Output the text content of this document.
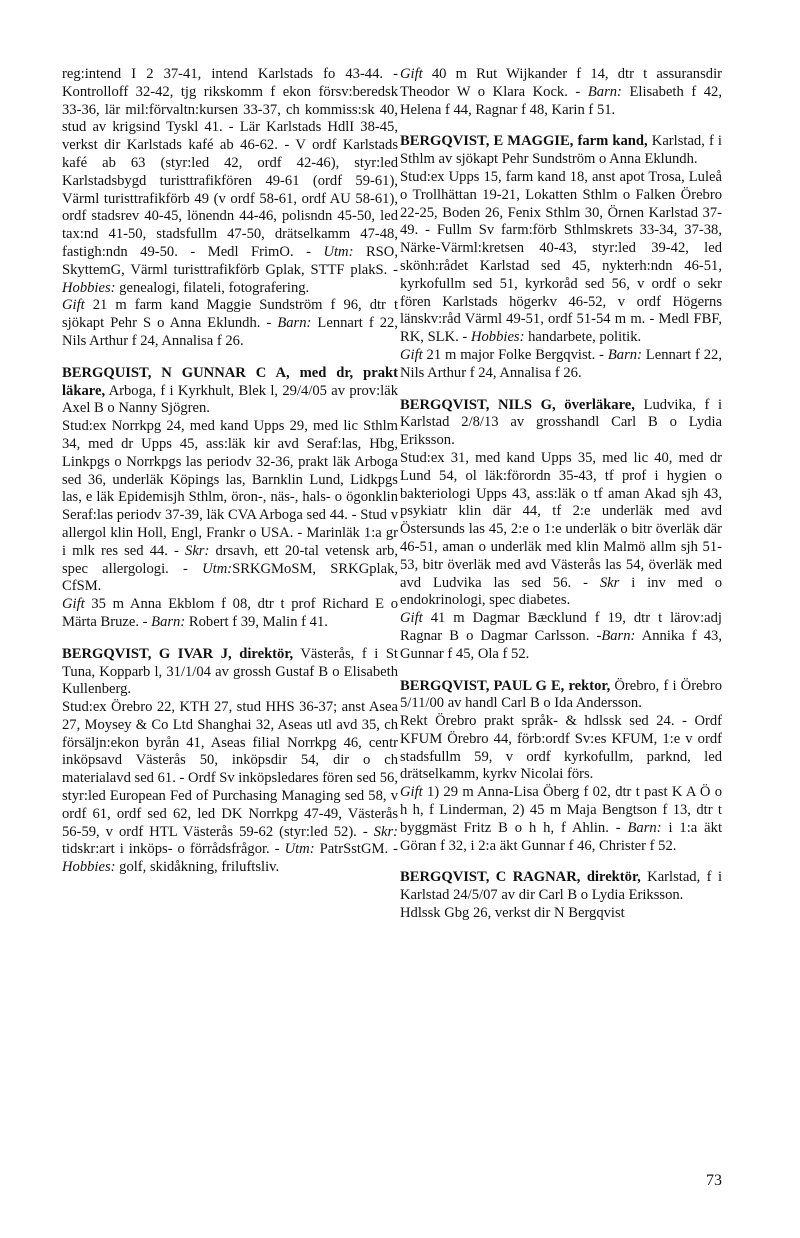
reg:intend I 2 37-41, intend Karlstads fo 43-44. - Kontrolloff 32-42, tjg rikskomm f ekon försv:beredsk 33-36, lär mil:förvaltn:kursen 33-37, ch kommiss:sk 40, stud av krigsind Tyskl 41. - Lär Karlstads HdlI 38-45, verkst dir Karlstads kafé ab 46-62. - V ordf Karlstads kafé ab 63 (styr:led 42, ordf 42-46), styr:led Karlstadsbygd turisttrafikfören 49-61 (ordf 59-61), Värml turisttrafikförb 49 (v ordf 58-61, ordf AU 58-61), ordf stadsrev 40-45, lönendn 44-46, polisndn 45-50, led tax:nd 41-50, stadsfullm 47-50, drätselkamm 47-48, fastigh:ndn 49-50. - Medl FrimO. - Utm: RSO, SkyttemG, Värml turisttrafikförb Gplak, STTF plakS. - Hobbies: genealogi, filateli, fotografering.

Gift 21 m farm kand Maggie Sundström f 96, dtr t sjökapt Pehr S o Anna Eklundh. - Barn: Lennart f 22, Nils Arthur f 24, Annalisa f 26.

BERGQUIST, N GUNNAR C A, med dr, prakt läkare, Arboga, f i Kyrkhult, Blek l, 29/4/05 av prov:läk Axel B o Nanny Sjögren.

Stud:ex Norrkpg 24, med kand Upps 29, med lic Sthlm 34, med dr Upps 45, ass:läk kir avd Seraf:las, Hbg, Linkpgs o Norrkpgs las periodv 32-36, prakt läk Arboga sed 36, underläk Köpings las, Barnklin Lund, Lidkpgs las, e läk Epidemisjh Sthlm, öron-, näs-, hals- o ögonklin Seraf:las periodv 37-39, läk CVA Arboga sed 44. - Stud v allergol klin Holl, Engl, Frankr o USA. - Marinläk 1:a gr i mlk res sed 44. - Skr: drsavh, ett 20-tal vetensk arb, spec allergologi. - Utm:SRKGMoSM, SRKGplak, CfSM.

Gift 35 m Anna Ekblom f 08, dtr t prof Richard E o Märta Bruze. - Barn: Robert f 39, Malin f 41.

BERGQVIST, G IVAR J, direktör, Västerås, f i St Tuna, Kopparb l, 31/1/04 av grossh Gustaf B o Elisabeth Kullenberg.

Stud:ex Örebro 22, KTH 27, stud HHS 36-37; anst Asea 27, Moysey & Co Ltd Shanghai 32, Aseas utl avd 35, ch försäljn:ekon byrån 41, Aseas filial Norrkpg 46, centr inköpsavd Västerås 50, inköpsdir 54, dir o ch materialavd sed 61. - Ordf Sv inköpsledares fören sed 56, styr:led European Fed of Purchasing Managing sed 58, v ordf 61, ordf sed 62, led DK Norrkpg 47-49, Västerås 56-59, v ordf HTL Västerås 59-62 (styr:led 52). - Skr: tidskr:art i inköps- o förrådsfrågor. - Utm: PatrSstGM. - Hobbies: golf, skidåkning, friluftsliv.

Gift 40 m Rut Wijkander f 14, dtr t assuransdir Theodor W o Klara Kock. - Barn: Elisabeth f 42, Helena f 44, Ragnar f 48, Karin f 51.

BERGQVIST, E MAGGIE, farm kand, Karlstad, f i Sthlm av sjökapt Pehr Sundström o Anna Eklundh.

Stud:ex Upps 15, farm kand 18, anst apot Trosa, Luleå o Trollhättan 19-21, Lokatten Sthlm o Falken Örebro 22-25, Boden 26, Fenix Sthlm 30, Örnen Karlstad 37-49. - Fullm Sv farm:förb Sthlmskrets 33-34, 37-38, Närke-Värml:kretsen 40-43, styr:led 39-42, led skönh:rådet Karlstad sed 45, nykterh:ndn 46-51, kyrkofullm sed 51, kyrkoråd sed 56, v ordf o sekr fören Karlstads högerkv 46-52, v ordf Högerns länskv:råd Värml 49-51, ordf 51-54 m m. - Medl FBF, RK, SLK. - Hobbies: handarbete, politik.

Gift 21 m major Folke Bergqvist. - Barn: Lennart f 22, Nils Arthur f 24, Annalisa f 26.

BERGQVIST, NILS G, överläkare, Ludvika, f i Karlstad 2/8/13 av grosshandl Carl B o Lydia Eriksson.

Stud:ex 31, med kand Upps 35, med lic 40, med dr Lund 54, ol läk:förordn 35-43, tf prof i hygien o bakteriologi Upps 43, ass:läk o tf aman Akad sjh 43, psykiatr klin där 44, tf 2:e underläk med avd Östersunds las 45, 2:e o 1:e underläk o bitr överläk där 46-51, aman o underläk med klin Malmö allm sjh 51-53, bitr överläk med avd Västerås las 54, överläk med avd Ludvika las sed 56. - Skr i inv med o endokrinologi, spec diabetes.

Gift 41 m Dagmar Bæcklund f 19, dtr t lärov:adj Ragnar B o Dagmar Carlsson. -Barn: Annika f 43, Gunnar f 45, Ola f 52.

BERGQVIST, PAUL G E, rektor, Örebro, f i Örebro 5/11/00 av handl Carl B o Ida Andersson.

Rekt Örebro prakt språk- & hdlssk sed 24. - Ordf KFUM Örebro 44, förb:ordf Sv:es KFUM, 1:e v ordf stadsfullm 59, v ordf kyrkofullm, parknd, led drätselkamm, kyrkv Nicolai förs.

Gift 1) 29 m Anna-Lisa Öberg f 02, dtr t past K A Ö o h h, f Linderman, 2) 45 m Maja Bengtson f 13, dtr t byggmäst Fritz B o h h, f Ahlin. - Barn: i 1:a äkt Göran f 32, i 2:a äkt Gunnar f 46, Christer f 52.

BERGQVIST, C RAGNAR, direktör, Karlstad, f i Karlstad 24/5/07 av dir Carl B o Lydia Eriksson.

Hdlssk Gbg 26, verkst dir N Bergqvist

73
